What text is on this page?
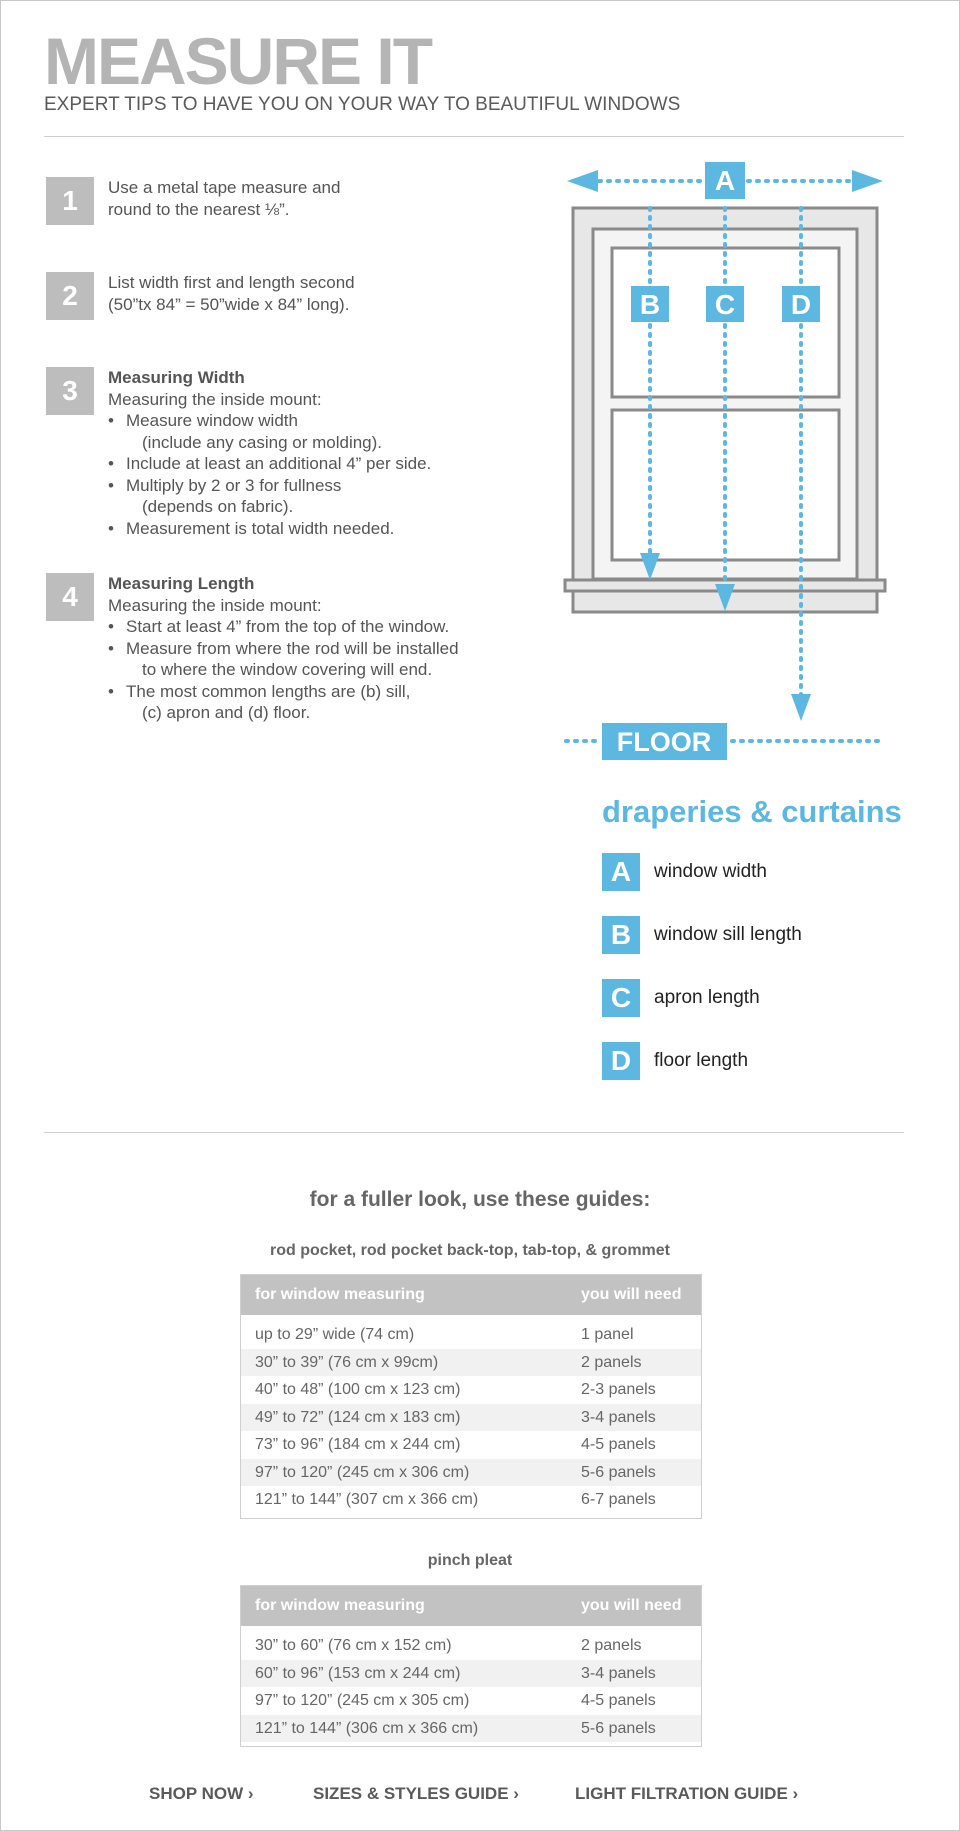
MEASURE IT
EXPERT TIPS TO HAVE YOU ON YOUR WAY TO BEAUTIFUL WINDOWS
1	Use a metal tape measure and
round to the nearest ⅛”.
2	List width first and length second
(50”tx 84” = 50”wide x 84” long).
3	Measuring Width
Measuring the inside mount:
• Measure window width
(include any casing or molding).
• Include at least an additional 4” per side.
• Multiply by 2 or 3 for fullness
(depends on fabric).
• Measurement is total width needed.
4	Measuring Length
Measuring the inside mount:
• Start at least 4” from the top of the window.
• Measure from where the rod will be installed
to where the window covering will end.
• The most common lengths are (b) sill,
(c) apron and (d) floor.
A
B C D
FLOOR
draperies & curtains
A	window width
B	window sill length
C	apron length
D	floor length
for a fuller look, use these guides:
rod pocket, rod pocket back-top, tab-top, & grommet
for window measuring	you will need
up to 29” wide (74 cm)	1 panel
30” to 39” (76 cm x 99cm)	2 panels
40” to 48” (100 cm x 123 cm)	2-3 panels
49” to 72” (124 cm x 183 cm)	3-4 panels
73” to 96” (184 cm x 244 cm)	4-5 panels
97” to 120” (245 cm x 306 cm)	5-6 panels
121” to 144” (307 cm x 366 cm)	6-7 panels
pinch pleat
for window measuring	you will need
30” to 60” (76 cm x 152 cm)	2 panels
60” to 96” (153 cm x 244 cm)	3-4 panels
97” to 120” (245 cm x 305 cm)	4-5 panels
121” to 144” (306 cm x 366 cm)	5-6 panels
SHOP NOW ›	SIZES & STYLES GUIDE ›	LIGHT FILTRATION GUIDE ›
